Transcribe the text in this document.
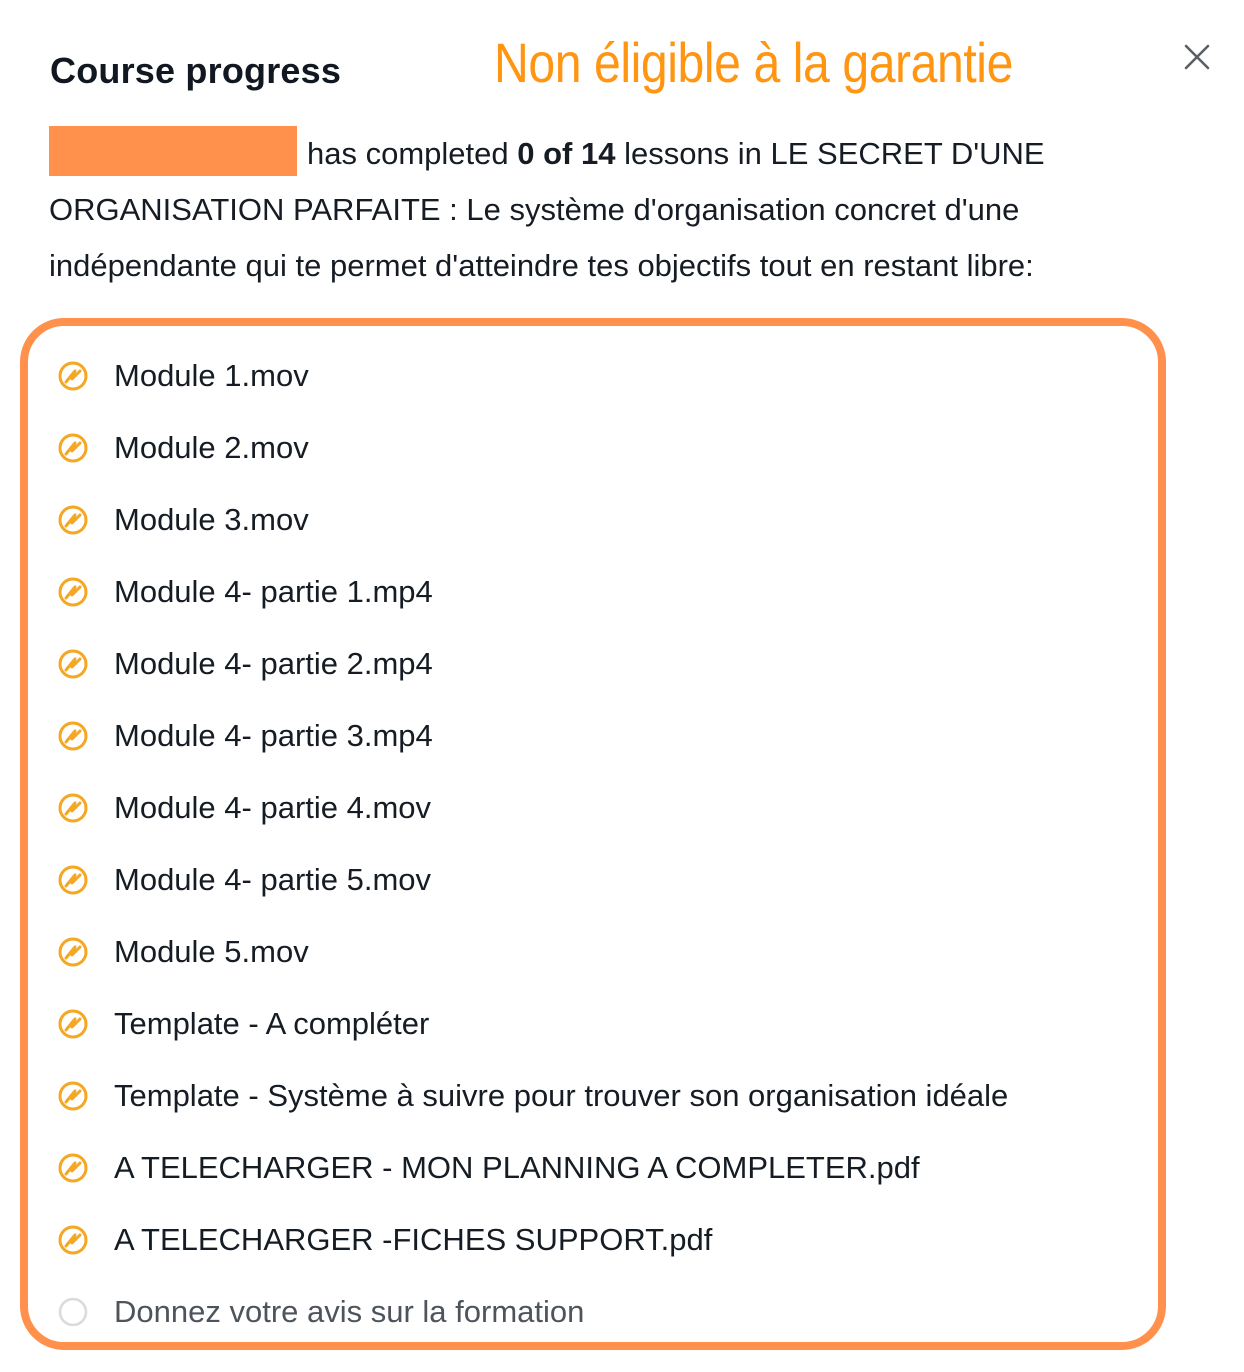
Course progress	Non éligible à la garantie
has completed 0 of 14 lessons in LE SECRET D'UNE ORGANISATION PARFAITE : Le système d'organisation concret d'une indépendante qui te permet d'atteindre tes objectifs tout en restant libre:
Module 1.mov
Module 2.mov
Module 3.mov
Module 4- partie 1.mp4
Module 4- partie 2.mp4
Module 4- partie 3.mp4
Module 4- partie 4.mov
Module 4- partie 5.mov
Module 5.mov
Template - A compléter
Template - Système à suivre pour trouver son organisation idéale
A TELECHARGER - MON PLANNING A COMPLETER.pdf
A TELECHARGER -FICHES SUPPORT.pdf
Donnez votre avis sur la formation
